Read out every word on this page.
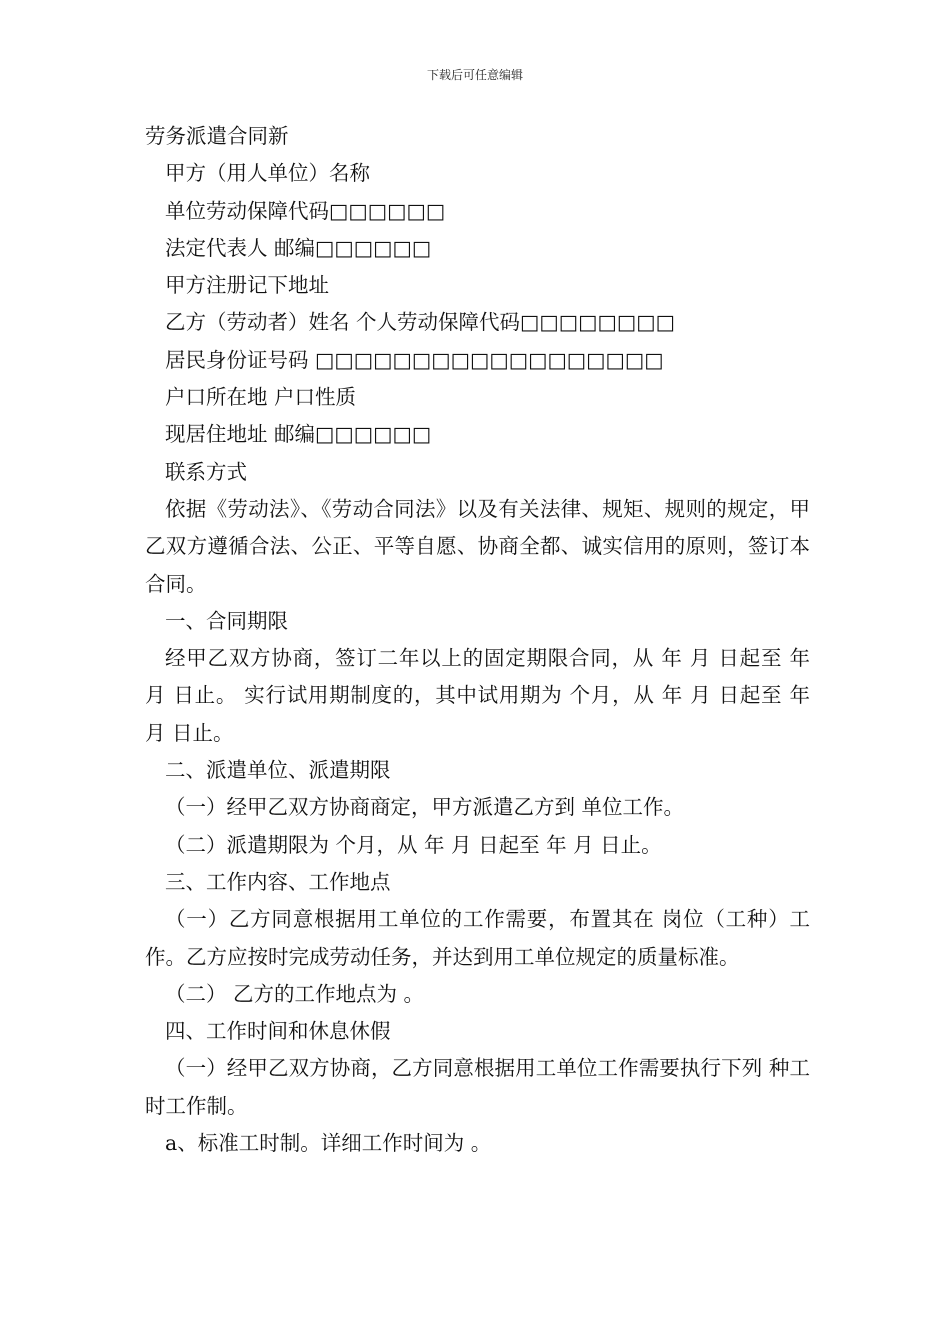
下载后可任意编辑
劳务派遣合同新
甲方（用人单位）名称
单位劳动保障代码□□□□□□
法定代表人 邮编□□□□□□
甲方注册记下地址
乙方（劳动者）姓名 个人劳动保障代码□□□□□□□□
居民身份证号码 □□□□□□□□□□□□□□□□□□
户口所在地 户口性质
现居住地址 邮编□□□□□□
联系方式
依据《劳动法》、《劳动合同法》以及有关法律、规矩、规则的规定，甲乙双方遵循合法、公正、平等自愿、协商全都、诚实信用的原则，签订本合同。
一、合同期限
经甲乙双方协商，签订二年以上的固定期限合同，从 年 月 日起至 年 月 日止。 实行试用期制度的，其中试用期为 个月，从 年 月 日起至 年 月 日止。
二、派遣单位、派遣期限
（一）经甲乙双方协商商定，甲方派遣乙方到 单位工作。
（二）派遣期限为 个月，从 年 月 日起至 年 月 日止。
三、工作内容、工作地点
（一）乙方同意根据用工单位的工作需要，布置其在 岗位（工种）工作。乙方应按时完成劳动任务，并达到用工单位规定的质量标准。
（二） 乙方的工作地点为 。
四、工作时间和休息休假
（一）经甲乙双方协商，乙方同意根据用工单位工作需要执行下列 种工时工作制。
a、标准工时制。详细工作时间为 。
